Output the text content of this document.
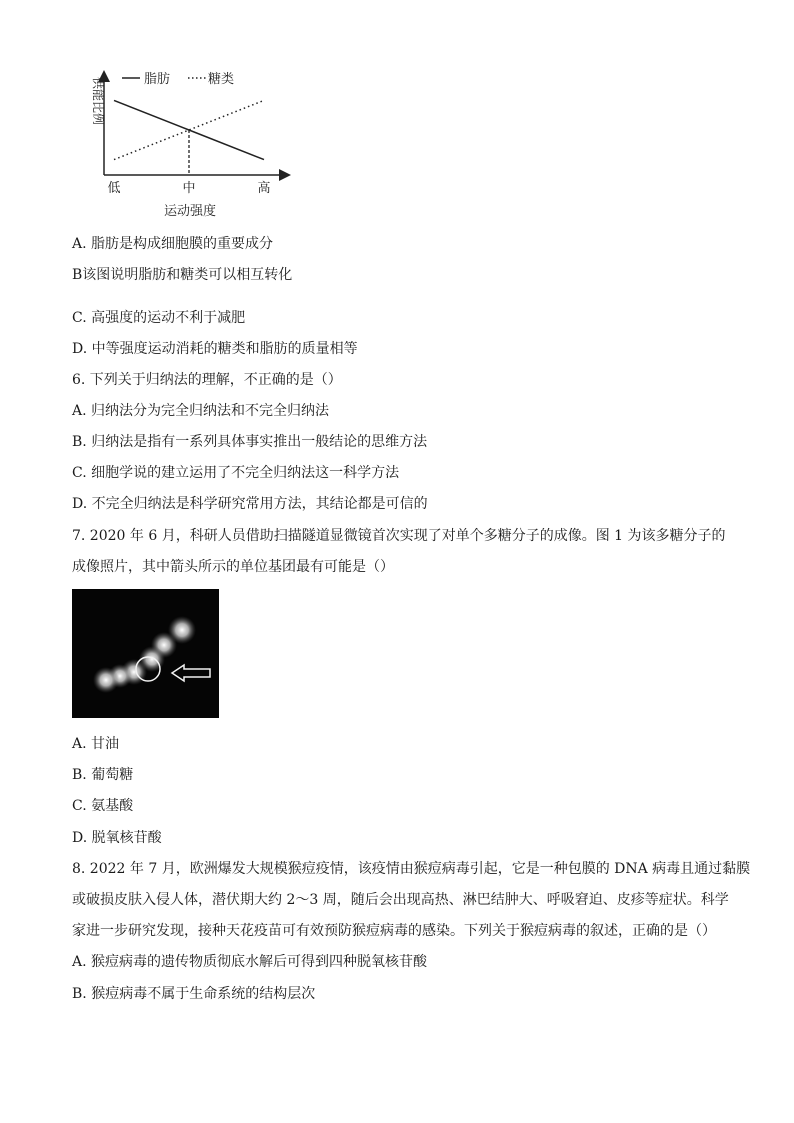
供能比例	脂肪	糖类
低	中	高
运动强度
A. 脂肪是构成细胞膜的重要成分
B该图说明脂肪和糖类可以相互转化
C. 高强度的运动不利于减肥
D. 中等强度运动消耗的糖类和脂肪的质量相等
6. 下列关于归纳法的理解，不正确的是（）
A. 归纳法分为完全归纳法和不完全归纳法
B. 归纳法是指有一系列具体事实推出一般结论的思维方法
C. 细胞学说的建立运用了不完全归纳法这一科学方法
D. 不完全归纳法是科学研究常用方法，其结论都是可信的
7. 2020 年 6 月，科研人员借助扫描隧道显微镜首次实现了对单个多糖分子的成像。图 1 为该多糖分子的
成像照片，其中箭头所示的单位基团最有可能是（）
A. 甘油
B. 葡萄糖
C. 氨基酸
D. 脱氧核苷酸
8. 2022 年 7 月，欧洲爆发大规模猴痘疫情，该疫情由猴痘病毒引起，它是一种包膜的 DNA 病毒且通过黏膜
或破损皮肤入侵人体，潜伏期大约 2～3 周，随后会出现高热、淋巴结肿大、呼吸窘迫、皮疹等症状。科学
家进一步研究发现，接种天花疫苗可有效预防猴痘病毒的感染。下列关于猴痘病毒的叙述，正确的是（）
A. 猴痘病毒的遗传物质彻底水解后可得到四种脱氧核苷酸
B. 猴痘病毒不属于生命系统的结构层次
